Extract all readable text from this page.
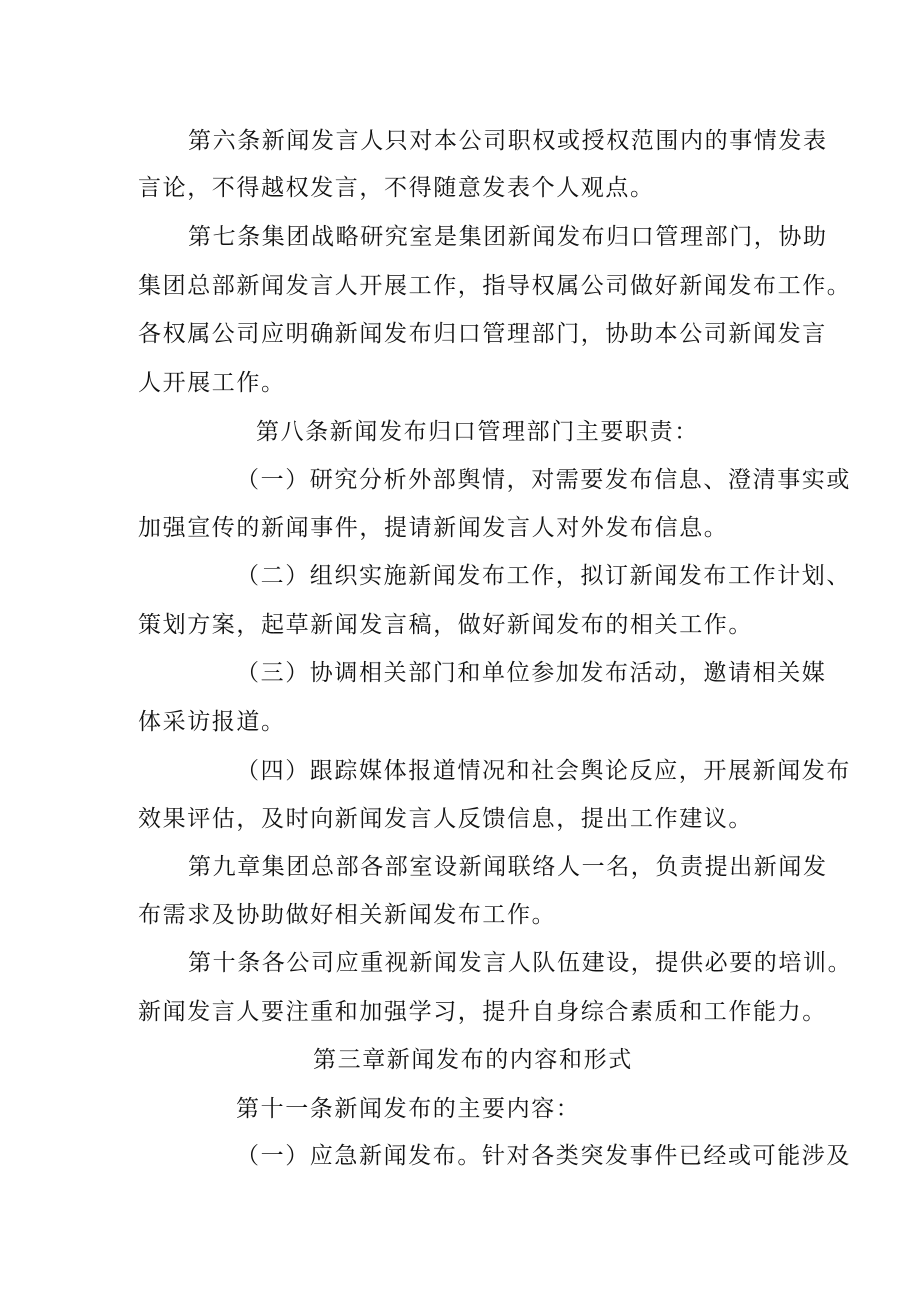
第六条新闻发言人只对本公司职权或授权范围内的事情发表
言论，不得越权发言，不得随意发表个人观点。
第七条集团战略研究室是集团新闻发布归口管理部门，协助
集团总部新闻发言人开展工作，指导权属公司做好新闻发布工作。
各权属公司应明确新闻发布归口管理部门，协助本公司新闻发言
人开展工作。
第八条新闻发布归口管理部门主要职责：
（一）研究分析外部舆情，对需要发布信息、澄清事实或
加强宣传的新闻事件，提请新闻发言人对外发布信息。
（二）组织实施新闻发布工作，拟订新闻发布工作计划、
策划方案，起草新闻发言稿，做好新闻发布的相关工作。
（三）协调相关部门和单位参加发布活动，邀请相关媒
体采访报道。
（四）跟踪媒体报道情况和社会舆论反应，开展新闻发布
效果评估，及时向新闻发言人反馈信息，提出工作建议。
第九章集团总部各部室设新闻联络人一名，负责提出新闻发
布需求及协助做好相关新闻发布工作。
第十条各公司应重视新闻发言人队伍建设，提供必要的培训。
新闻发言人要注重和加强学习，提升自身综合素质和工作能力。
第三章新闻发布的内容和形式
第十一条新闻发布的主要内容：
（一）应急新闻发布。针对各类突发事件已经或可能涉及
